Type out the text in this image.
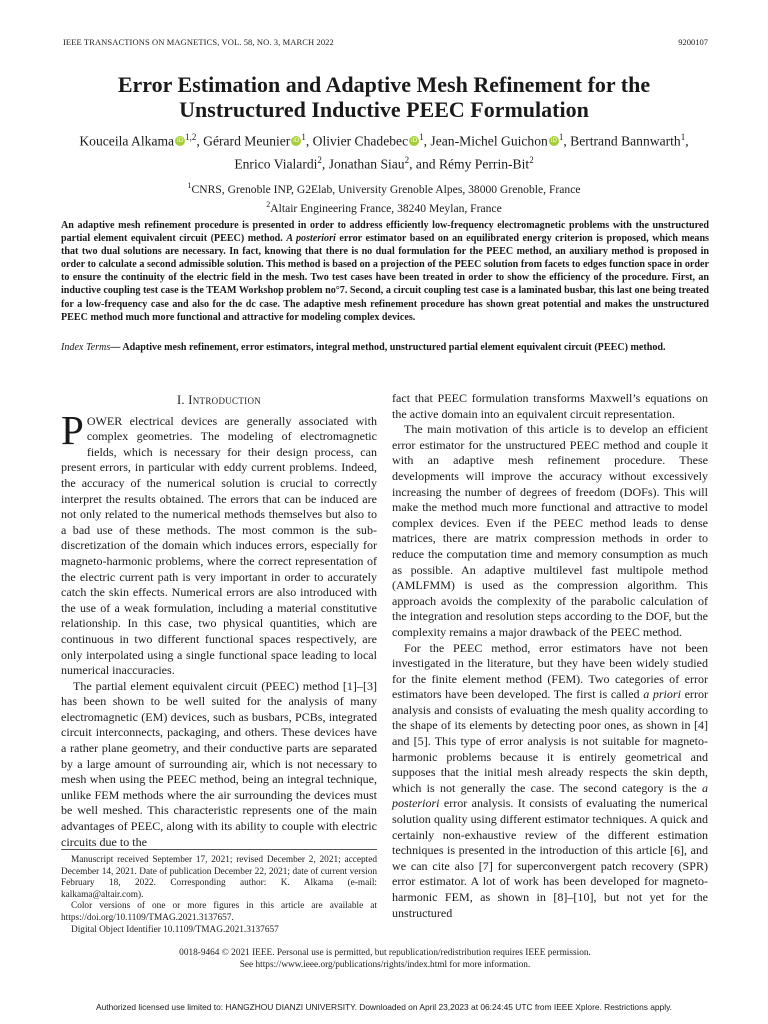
IEEE TRANSACTIONS ON MAGNETICS, VOL. 58, NO. 3, MARCH 2022	9200107
Error Estimation and Adaptive Mesh Refinement for the
Unstructured Inductive PEEC Formulation
Kouceila Alkama iD $^{1,2}$, Gérard Meunier iD $^1$, Olivier Chadebec iD $^1$, Jean-Michel Guichon iD $^1$, Bertrand Bannwarth$^1$,
Enrico Vialardi$^2$, Jonathan Siau$^2$, and Rémy Perrin-Bit$^2$
$^1$CNRS, Grenoble INP, G2Elab, University Grenoble Alpes, 38000 Grenoble, France
$^2$Altair Engineering France, 38240 Meylan, France
An adaptive mesh refinement procedure is presented in order to address efficiently low-frequency electromagnetic problems with the unstructured partial element equivalent circuit (PEEC) method. A posteriori error estimator based on an equilibrated energy criterion is proposed, which means that two dual solutions are necessary. In fact, knowing that there is no dual formulation for the PEEC method, an auxiliary method is proposed in order to calculate a second admissible solution. This method is based on a projection of the PEEC solution from facets to edges function space in order to ensure the continuity of the electric field in the mesh. Two test cases have been treated in order to show the efficiency of the procedure. First, an inductive coupling test case is the TEAM Workshop problem no°7. Second, a circuit coupling test case is a laminated busbar, this last one being treated for a low-frequency case and also for the dc case. The adaptive mesh refinement procedure has shown great potential and makes the unstructured PEEC method much more functional and attractive for modeling complex devices.
Index Terms— Adaptive mesh refinement, error estimators, integral method, unstructured partial element equivalent circuit (PEEC) method.
I. Introduction

POWER electrical devices are generally associated with complex geometries. The modeling of electromagnetic fields, which is necessary for their design process, can present errors, in particular with eddy current problems. Indeed, the accuracy of the numerical solution is crucial to correctly interpret the results obtained. The errors that can be induced are not only related to the numerical methods themselves but also to a bad use of these methods. The most common is the sub-discretization of the domain which induces errors, especially for magneto-harmonic problems, where the correct representation of the electric current path is very important in order to accurately catch the skin effects. Numerical errors are also introduced with the use of a weak formulation, including a material constitutive relationship. In this case, two physical quantities, which are continuous in two different functional spaces respectively, are only interpolated using a single functional space leading to local numerical inaccuracies.

The partial element equivalent circuit (PEEC) method [1]–[3] has been shown to be well suited for the analysis of many electromagnetic (EM) devices, such as busbars, PCBs, integrated circuit interconnects, packaging, and others. These devices have a rather plane geometry, and their conductive parts are separated by a large amount of surrounding air, which is not necessary to mesh when using the PEEC method, being an integral technique, unlike FEM methods where the air surrounding the devices must be well meshed. This characteristic represents one of the main advantages of PEEC, along with its ability to couple with electric circuits due to the

fact that PEEC formulation transforms Maxwell’s equations on the active domain into an equivalent circuit representation.

The main motivation of this article is to develop an efficient error estimator for the unstructured PEEC method and couple it with an adaptive mesh refinement procedure. These developments will improve the accuracy without excessively increasing the number of degrees of freedom (DOFs). This will make the method much more functional and attractive to model complex devices. Even if the PEEC method leads to dense matrices, there are matrix compression methods in order to reduce the computation time and memory consumption as much as possible. An adaptive multilevel fast multipole method (AMLFMM) is used as the compression algorithm. This approach avoids the complexity of the parabolic calculation of the integration and resolution steps according to the DOF, but the complexity remains a major drawback of the PEEC method.

For the PEEC method, error estimators have not been investigated in the literature, but they have been widely studied for the finite element method (FEM). Two categories of error estimators have been developed. The first is called a priori error analysis and consists of evaluating the mesh quality according to the shape of its elements by detecting poor ones, as shown in [4] and [5]. This type of error analysis is not suitable for magneto-harmonic problems because it is entirely geometrical and supposes that the initial mesh already respects the skin depth, which is not generally the case. The second category is the a posteriori error analysis. It consists of evaluating the numerical solution quality using different estimator techniques. A quick and certainly non-exhaustive review of the different estimation techniques is presented in the introduction of this article [6], and we can cite also [7] for superconvergent patch recovery (SPR) error estimator. A lot of work has been developed for magneto-harmonic FEM, as shown in [8]–[10], but not yet for the unstructured

Manuscript received September 17, 2021; revised December 2, 2021; accepted December 14, 2021. Date of publication December 22, 2021; date of current version February 18, 2022. Corresponding author: K. Alkama (e-mail: kalkama@altair.com).

Color versions of one or more figures in this article are available at https://doi.org/10.1109/TMAG.2021.3137657.

Digital Object Identifier 10.1109/TMAG.2021.3137657

0018-9464 © 2021 IEEE. Personal use is permitted, but republication/redistribution requires IEEE permission.
See https://www.ieee.org/publications/rights/index.html for more information.
Authorized licensed use limited to: HANGZHOU DIANZI UNIVERSITY. Downloaded on April 23,2023 at 06:24:45 UTC from IEEE Xplore. Restrictions apply.
